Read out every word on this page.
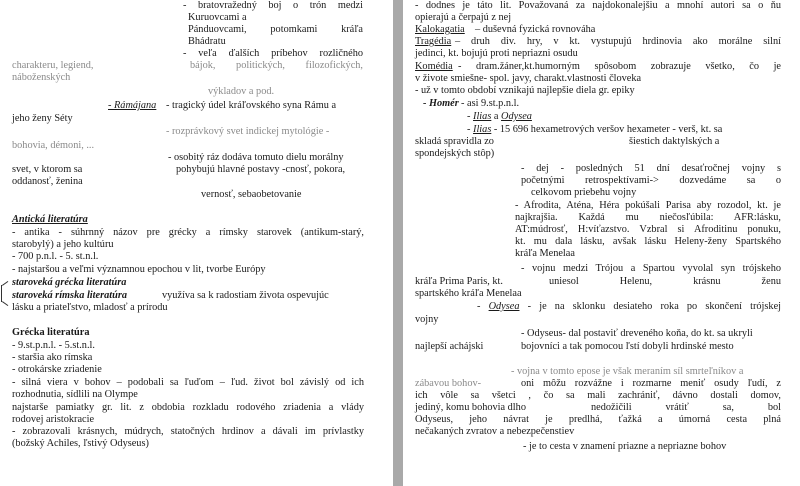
- bratovražedný boj o trón medzi
Kuruovcami a
Pánduovcami, potomkami kráľa
Bhádratu
- veľa ďalších príbehov rozličného
charakteru, legiend,	bájok, politických, filozofických,
náboženských
výkladov a pod.
- Rámájana - tragický údel kráľovského syna Rámu a
jeho ženy Séty
- rozprávkový svet indickej mytológie -
bohovia, démoni, ...
- osobitý ráz dodáva tomuto dielu morálny
svet, v ktorom sa	pohybujú hlavné postavy -cnosť, pokora,
oddanosť, ženina
vernosť, sebaobetovanie
Antická literatúra
- antika - súhrnný názov pre grécky a rímsky starovek (antikum-starý,
starobylý) a jeho kultúru
- 700 p.n.l. - 5. st.n.l.
- najstaršou a veľmi významnou epochou v lit, tvorbe Európy
staroveká grécka literatúra
staroveká rímska literatúra	využíva sa k radostiam života ospevujúc
lásku a priateľstvo, mladosť a prírodu
Grécka literatúra
- 9.st.p.n.l. - 5.st.n.l.
- staršia ako rímska
- otrokárske zriadenie
- silná viera v bohov – podobali sa ľuďom – ľud. život bol závislý od ich
rozhodnutia, sídlili na Olympe
najstarše pamiatky gr. lit. z obdobia rozkladu rodového zriadenia a vlády
rodovej aristokracie
- zobrazovali krásnych, múdrych, statočných hrdinov a dávali im prívlastky
(božský Achiles, ľstivý Odyseus)
- dodnes je táto lit. Považovaná za najdokonalejšiu a mnohí autori sa o ňu
opierajú a čerpajú z nej
Kalokagatia – duševná fyzická rovnováha
Tragédia – druh div. hry, v kt. vystupujú hrdinovia ako morálne silní
jedinci, kt. bojujú proti nepriazni osudu
Komédia - dram.žáner,kt.humorným spôsobom zobrazuje všetko, čo je
v živote smiešne- spol. javy, charakt.vlastnosti človeka
- už v tomto období vznikajú najlepšie diela gr. epiky
- Homér - asi 9.st.p.n.l.
- Ilias a Odysea
- Ilias - 15 696 hexametrových veršov hexameter - verš, kt. sa
skladá spravidla zo	šiestich daktylských a
spondejských stôp)
- dej - posledných 51 dní desaťročnej vojny s
početnými retrospektívami-> dozvedáme sa o
celkovom priebehu vojny
- Afrodita, Aténa, Héra pokúšali Parisa aby rozodol, kt. je
najkrajšia. Každá mu niečosľúbila: AFR:lásku,
AT:múdrosť, H:víťazstvo. Vzbral si Afroditinu ponuku,
kt. mu dala lásku, avšak lásku Heleny-ženy Spartského
kráľa Menelaa
- vojnu medzi Trójou a Spartou vyvolal syn trójskeho
kráľa Prima Paris, kt.	uniesol Helenu, krásnu ženu
spartského kráľa Menelaa
- Odysea - je na sklonku desiateho roka po skončení trójskej
vojny
- Odyseus- dal postaviť dreveného koňa, do kt. sa ukryli
najlepší achájski	bojovníci a tak pomocou ľstí dobyli hrdinské mesto
- vojna v tomto epose je však meraním síl smrteľníkov a
zábavou bohov-	oni môžu rozvážne i rozmarne meniť osudy ľudí, z
ich vôle sa všetci , čo sa mali zachrániť, dávno dostali domov,
jediný, komu bohovia dlho	nedožičili vrátiť sa, bol
Odyseus, jeho návrat je predlhá, ťažká a úmorná cesta plná
nečakaných zvratov a nebezpečenstiev
- je to cesta v znamení priazne a nepriazne bohov
